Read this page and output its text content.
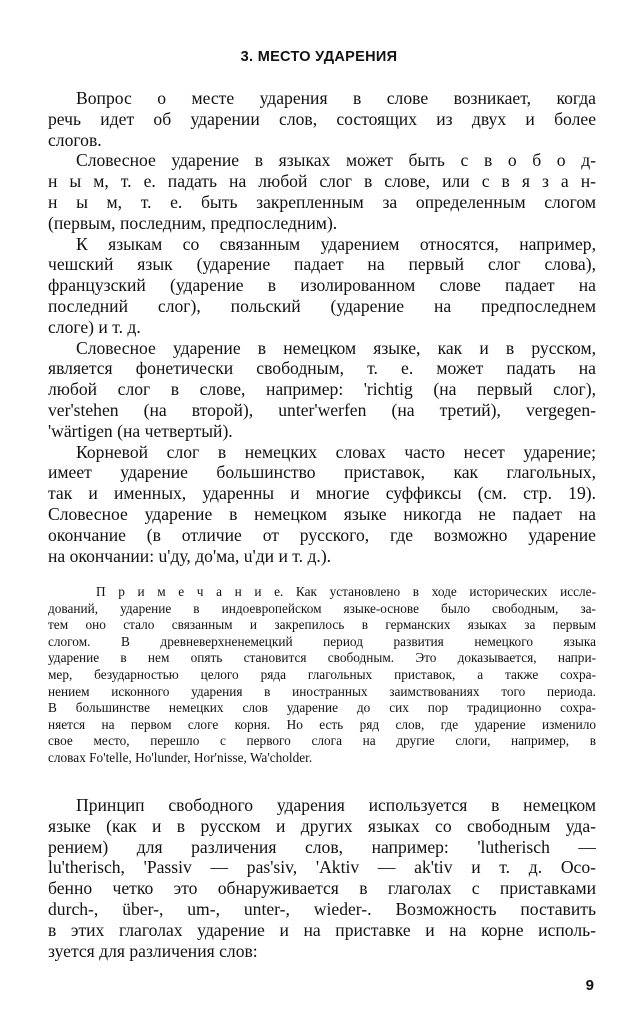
3. МЕСТО УДАРЕНИЯ
Вопрос о месте ударения в слове возникает, когда
речь идет об ударении слов, состоящих из двух и более
слогов.
Словесное ударение в языках может быть с в о б о д-
н ы м, т. е. падать на любой слог в слове, или с в я з а н-
н ы м, т. е. быть закрепленным за определенным слогом
(первым, последним, предпоследним).
К языкам со связанным ударением относятся, например,
чешский язык (ударение падает на первый слог слова),
французский (ударение в изолированном слове падает на
последний слог), польский (ударение на предпоследнем
слоге) и т. д.
Словесное ударение в немецком языке, как и в русском,
является фонетически свободным, т. е. может падать на
любой слог в слове, например: 'richtig (на первый слог),
ver'stehen (на второй), unter'werfen (на третий), vergegen-
'wärtigen (на четвертый).
Корневой слог в немецких словах часто несет ударение;
имеет ударение большинство приставок, как глагольных,
так и именных, ударенны и многие суффиксы (см. стр. 19).
Словесное ударение в немецком языке никогда не падает на
окончание (в отличие от русского, где возможно ударение
на окончании: u'ду, до'ма, u'ди и т. д.).
П р и м е ч а н и е. Как установлено в ходе исторических иссле-
дований, ударение в индоевропейском языке-основе было свободным, за-
тем оно стало связанным и закрепилось в германских языках за первым
слогом. В древневерхненемецкий период развития немецкого языка
ударение в нем опять становится свободным. Это доказывается, напри-
мер, безударностью целого ряда глагольных приставок, а также сохра-
нением исконного ударения в иностранных заимствованиях того периода.
В большинстве немецких слов ударение до сих пор традиционно сохра-
няется на первом слоге корня. Но есть ряд слов, где ударение изменило
свое место, перешло с первого слога на другие слоги, например, в
словах Fo'telle, Ho'lunder, Hor'nisse, Wa'cholder.
Принцип свободного ударения используется в немецком
языке (как и в русском и других языках со свободным уда-
рением) для различения слов, например: 'lutherisch —
lu'therisch, 'Passiv — pas'siv, 'Aktiv — ak'tiv и т. д. Осо-
бенно четко это обнаруживается в глаголах с приставками
durch-, über-, um-, unter-, wieder-. Возможность поставить
в этих глаголах ударение и на приставке и на корне исполь-
зуется для различения слов:
9
